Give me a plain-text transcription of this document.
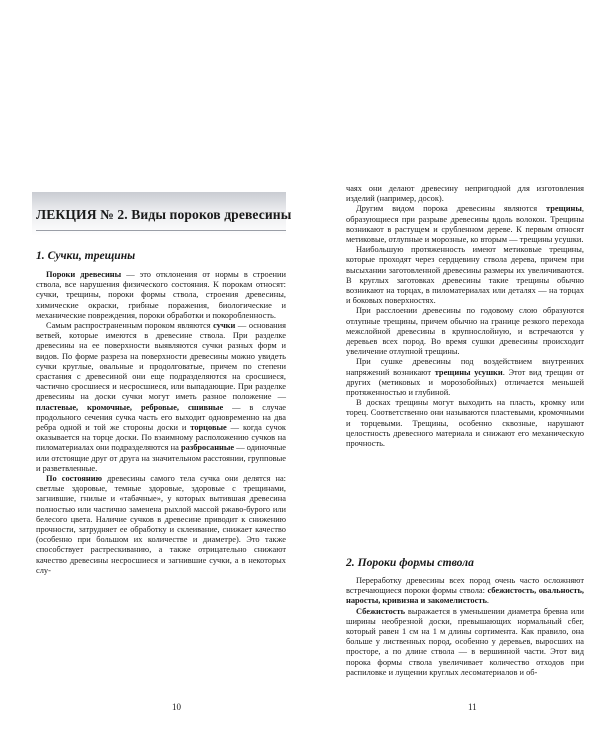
ЛЕКЦИЯ № 2. Виды пороков древесины
1. Сучки, трещины

Пороки древесины — это отклонения от нормы в строении ствола, все нарушения физического состояния. К порокам относят: сучки, трещины, пороки формы ствола, строения древесины, химические окраски, грибные поражения, биологические и механические повреждения, пороки обработки и покоробленность.

Самым распространенным пороком являются сучки — основания ветвей, которые имеются в древесине ствола. При разделке древесины на ее поверхности выявляются сучки разных форм и видов. По форме разреза на поверхности древесины можно увидеть сучки круглые, овальные и продолговатые, причем по степени срастания с древесиной они еще подразделяются на сросшиеся, частично сросшиеся и несросшиеся, или выпадающие. При разделке древесины на доски сучки могут иметь разное положение — пластевые, кромочные, ребровые, сшивные — в случае продольного сечения сучка часть его выходит одновременно на два ребра одной и той же стороны доски и торцовые — когда сучок оказывается на торце доски. По взаимному расположению сучков на пиломатериалах они подразделяются на разбросанные — одиночные или отстоящие друг от друга на значительном расстоянии, групповые и разветвленные.

По состоянию древесины самого тела сучка они делятся на: светлые здоровые, темные здоровые, здоровые с трещинами, загнившие, гнилые и «табачные», у которых вытившая древесина полностью или частично заменена рыхлой массой ржаво-бурого или белесого цвета. Наличие сучков в древесине приводит к снижению прочности, затрудняет ее обработку и склеивание, снижает качество (особенно при большом их количестве и диаметре). Это также способствует растрескиванию, а также отрицательно снижают качество древесины несросшиеся и загнившие сучки, а в некоторых слу-

10

чаях они делают древесину непригодной для изготовления изделий (например, досок).

Другим видом порока древесины являются трещины, образующиеся при разрыве древесины вдоль волокон. Трещины возникают в растущем и срубленном дереве. К первым относят метиковые, отлупные и морозные, ко вторым — трещины усушки.

Наибольшую протяженность имеют метиковые трещины, которые проходят через сердцевину ствола дерева, причем при высыхании заготовленной древесины размеры их увеличиваются. В круглых заготовках древесины такие трещины обычно возникают на торцах, в пиломатериалах или деталях — на торцах и боковых поверхностях.

При расслоении древесины по годовому слою образуются отлупные трещины, причем обычно на границе резкого перехода межслойной древесины в крупнослойную, и встречаются у деревьев всех пород. Во время сушки древесины происходит увеличение отлупной трещины.

При сушке древесины под воздействием внутренних напряжений возникают трещины усушки. Этот вид трещин от других (метиковых и морозобойных) отличается меньшей протяженностью и глубиной.

В досках трещины могут выходить на пласть, кромку или торец. Соответственно они называются пластевыми, кромочными и торцевыми. Трещины, особенно сквозные, нарушают целостность древесного материала и снижают его механическую прочность.

2. Пороки формы ствола

Переработку древесины всех пород очень часто осложняют встречающиеся пороки формы ствола: сбежистость, овальность, наросты, кривизна и закомелистость.

Сбежистость выражается в уменьшении диаметра бревна или ширины необрезной доски, превышающих нормальный сбег, который равен 1 см на 1 м длины сортимента. Как правило, она больше у лиственных пород, особенно у деревьев, выросших на просторе, а по длине ствола — в вершинной части. Этот вид порока формы ствола увеличивает количество отходов при распиловке и лущении круглых лесоматериалов и об-

11
